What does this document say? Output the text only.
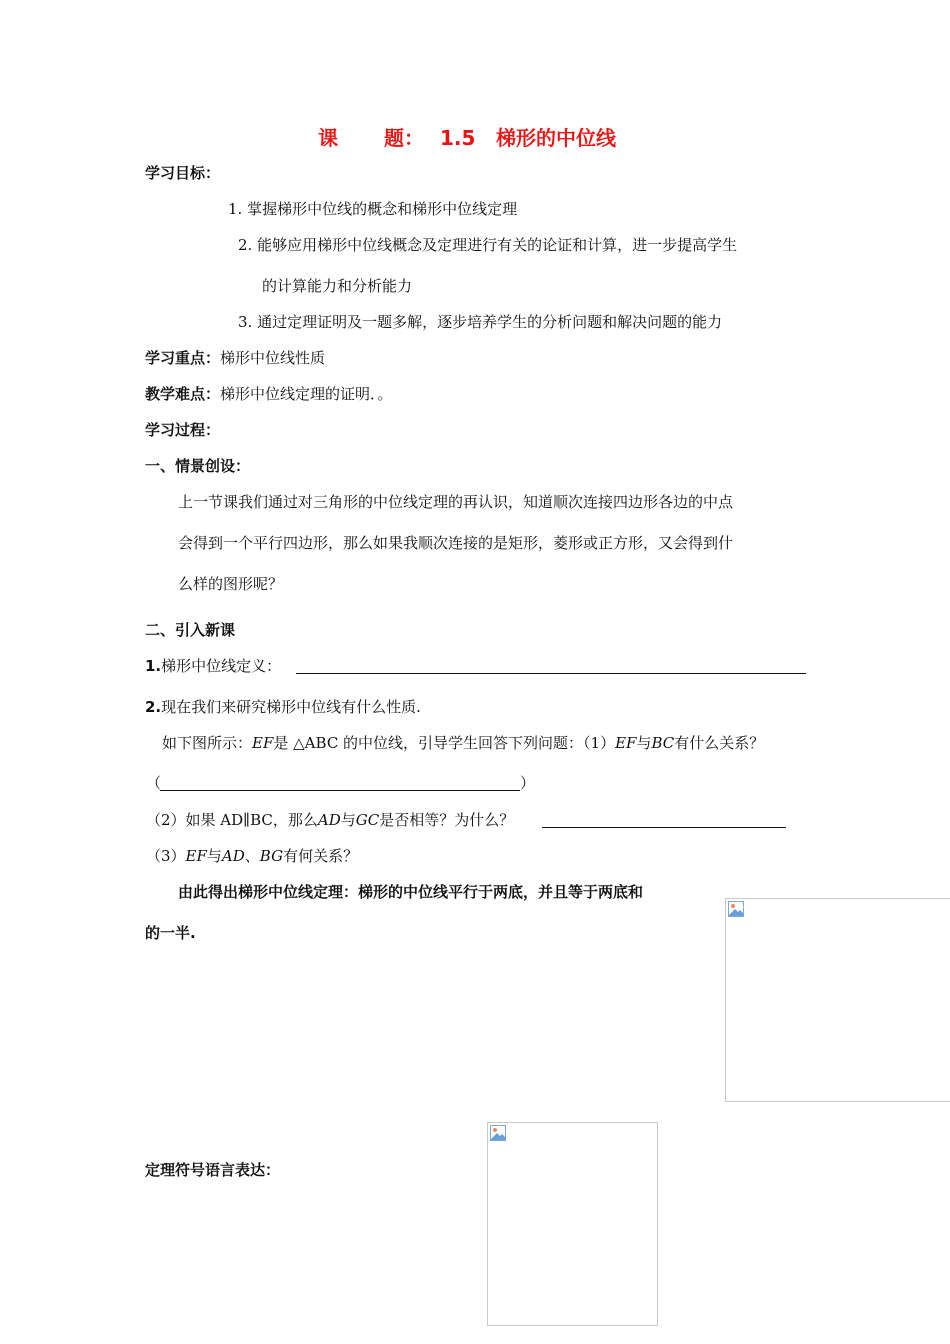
课 题： 1.5 梯形的中位线
学习目标：
1. 掌握梯形中位线的概念和梯形中位线定理
2. 能够应用梯形中位线概念及定理进行有关的论证和计算，进一步提高学生
的计算能力和分析能力
3. 通过定理证明及一题多解，逐步培养学生的分析问题和解决问题的能力
学习重点：梯形中位线性质
教学难点：梯形中位线定理的证明．。
学习过程：
一、情景创设：
上一节课我们通过对三角形的中位线定理的再认识，知道顺次连接四边形各边的中点
会得到一个平行四边形，那么如果我顺次连接的是矩形，菱形或正方形，又会得到什
么样的图形呢？
二、引入新课
1.梯形中位线定义：
2.现在我们来研究梯形中位线有什么性质.
如下图所示：EF是 △ABC 的中位线，引导学生回答下列问题：（1）EF与BC有什么关系？
（	）
（2）如果 AD∥BC，那么AD与GC是否相等？为什么？
（3）EF与AD、BG有何关系？
由此得出梯形中位线定理：梯形的中位线平行于两底，并且等于两底和
的一半.
定理符号语言表达：
